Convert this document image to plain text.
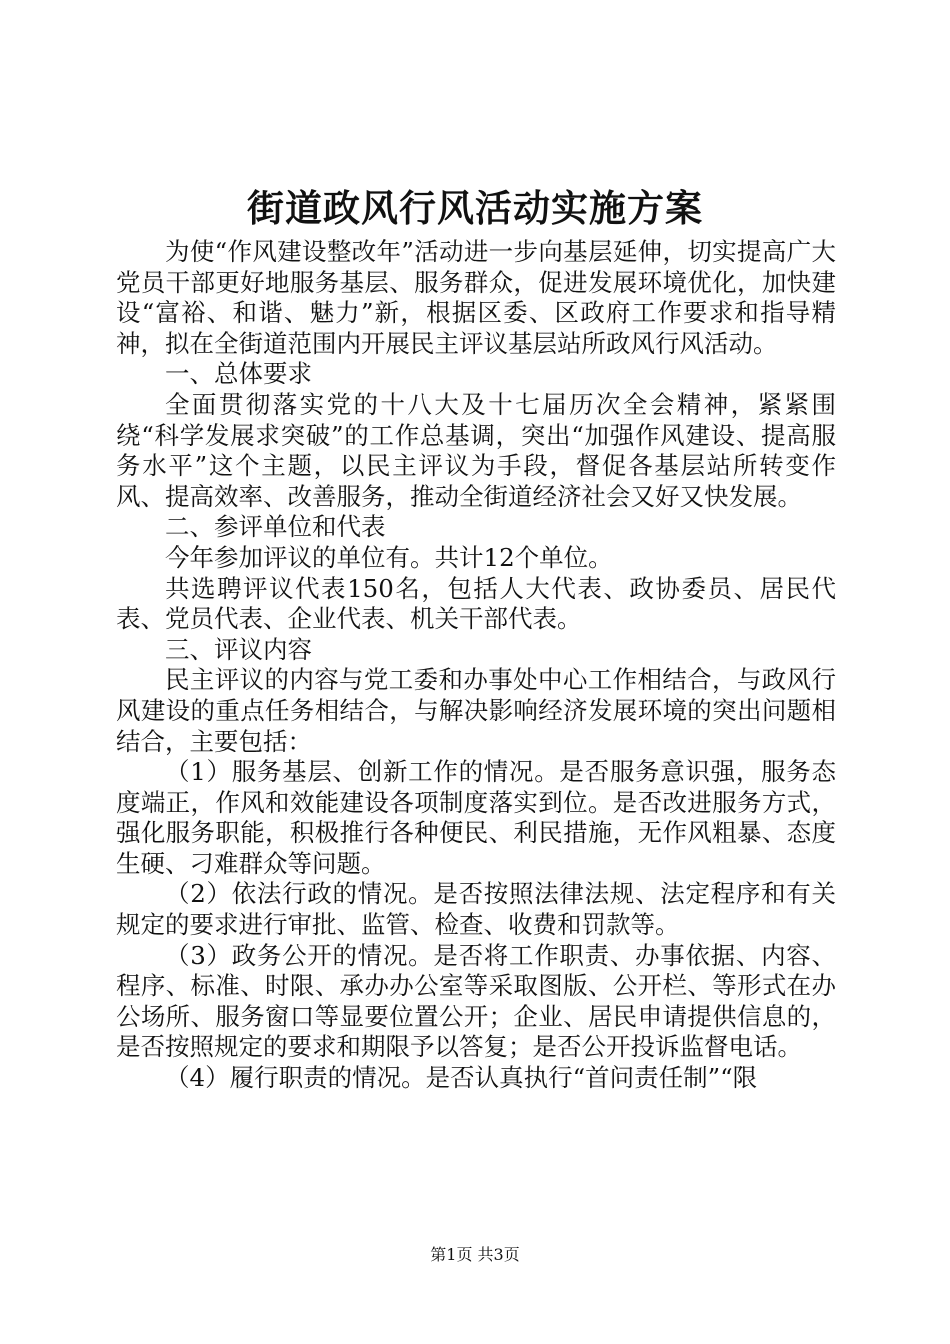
街道政风行风活动实施方案

为使“作风建设整改年”活动进一步向基层延伸，切实提高广大党员干部更好地服务基层、服务群众，促进发展环境优化，加快建设“富裕、和谐、魅力”新，根据区委、区政府工作要求和指导精神，拟在全街道范围内开展民主评议基层站所政风行风活动。

一、总体要求

全面贯彻落实党的十八大及十七届历次全会精神，紧紧围绕“科学发展求突破”的工作总基调，突出“加强作风建设、提高服务水平”这个主题，以民主评议为手段，督促各基层站所转变作风、提高效率、改善服务，推动全街道经济社会又好又快发展。

二、参评单位和代表

今年参加评议的单位有。共计12个单位。

共选聘评议代表150名，包括人大代表、政协委员、居民代表、党员代表、企业代表、机关干部代表。

三、评议内容

民主评议的内容与党工委和办事处中心工作相结合，与政风行风建设的重点任务相结合，与解决影响经济发展环境的突出问题相结合，主要包括：

（1）服务基层、创新工作的情况。是否服务意识强，服务态度端正，作风和效能建设各项制度落实到位。是否改进服务方式，强化服务职能，积极推行各种便民、利民措施，无作风粗暴、态度生硬、刁难群众等问题。

（2）依法行政的情况。是否按照法律法规、法定程序和有关规定的要求进行审批、监管、检查、收费和罚款等。

（3）政务公开的情况。是否将工作职责、办事依据、内容、程序、标准、时限、承办办公室等采取图版、公开栏、等形式在办公场所、服务窗口等显要位置公开；企业、居民申请提供信息的，是否按照规定的要求和期限予以答复；是否公开投诉监督电话。

（4）履行职责的情况。是否认真执行“首问责任制”“限

第1页 共3页
